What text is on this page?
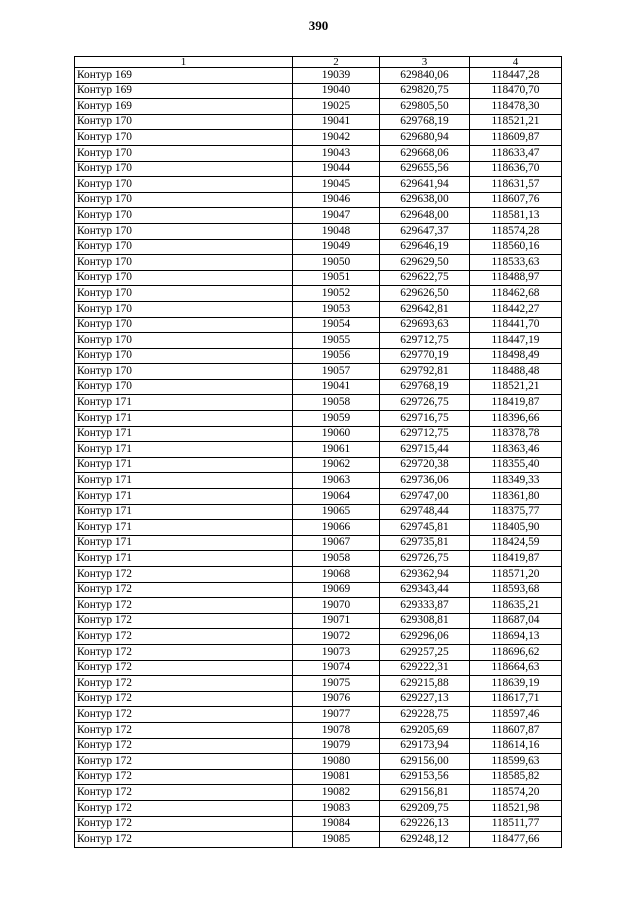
390
1	2	3	4
Контур 169	19039	629840,06	118447,28
Контур 169	19040	629820,75	118470,70
Контур 169	19025	629805,50	118478,30
Контур 170	19041	629768,19	118521,21
Контур 170	19042	629680,94	118609,87
Контур 170	19043	629668,06	118633,47
Контур 170	19044	629655,56	118636,70
Контур 170	19045	629641,94	118631,57
Контур 170	19046	629638,00	118607,76
Контур 170	19047	629648,00	118581,13
Контур 170	19048	629647,37	118574,28
Контур 170	19049	629646,19	118560,16
Контур 170	19050	629629,50	118533,63
Контур 170	19051	629622,75	118488,97
Контур 170	19052	629626,50	118462,68
Контур 170	19053	629642,81	118442,27
Контур 170	19054	629693,63	118441,70
Контур 170	19055	629712,75	118447,19
Контур 170	19056	629770,19	118498,49
Контур 170	19057	629792,81	118488,48
Контур 170	19041	629768,19	118521,21
Контур 171	19058	629726,75	118419,87
Контур 171	19059	629716,75	118396,66
Контур 171	19060	629712,75	118378,78
Контур 171	19061	629715,44	118363,46
Контур 171	19062	629720,38	118355,40
Контур 171	19063	629736,06	118349,33
Контур 171	19064	629747,00	118361,80
Контур 171	19065	629748,44	118375,77
Контур 171	19066	629745,81	118405,90
Контур 171	19067	629735,81	118424,59
Контур 171	19058	629726,75	118419,87
Контур 172	19068	629362,94	118571,20
Контур 172	19069	629343,44	118593,68
Контур 172	19070	629333,87	118635,21
Контур 172	19071	629308,81	118687,04
Контур 172	19072	629296,06	118694,13
Контур 172	19073	629257,25	118696,62
Контур 172	19074	629222,31	118664,63
Контур 172	19075	629215,88	118639,19
Контур 172	19076	629227,13	118617,71
Контур 172	19077	629228,75	118597,46
Контур 172	19078	629205,69	118607,87
Контур 172	19079	629173,94	118614,16
Контур 172	19080	629156,00	118599,63
Контур 172	19081	629153,56	118585,82
Контур 172	19082	629156,81	118574,20
Контур 172	19083	629209,75	118521,98
Контур 172	19084	629226,13	118511,77
Контур 172	19085	629248,12	118477,66
